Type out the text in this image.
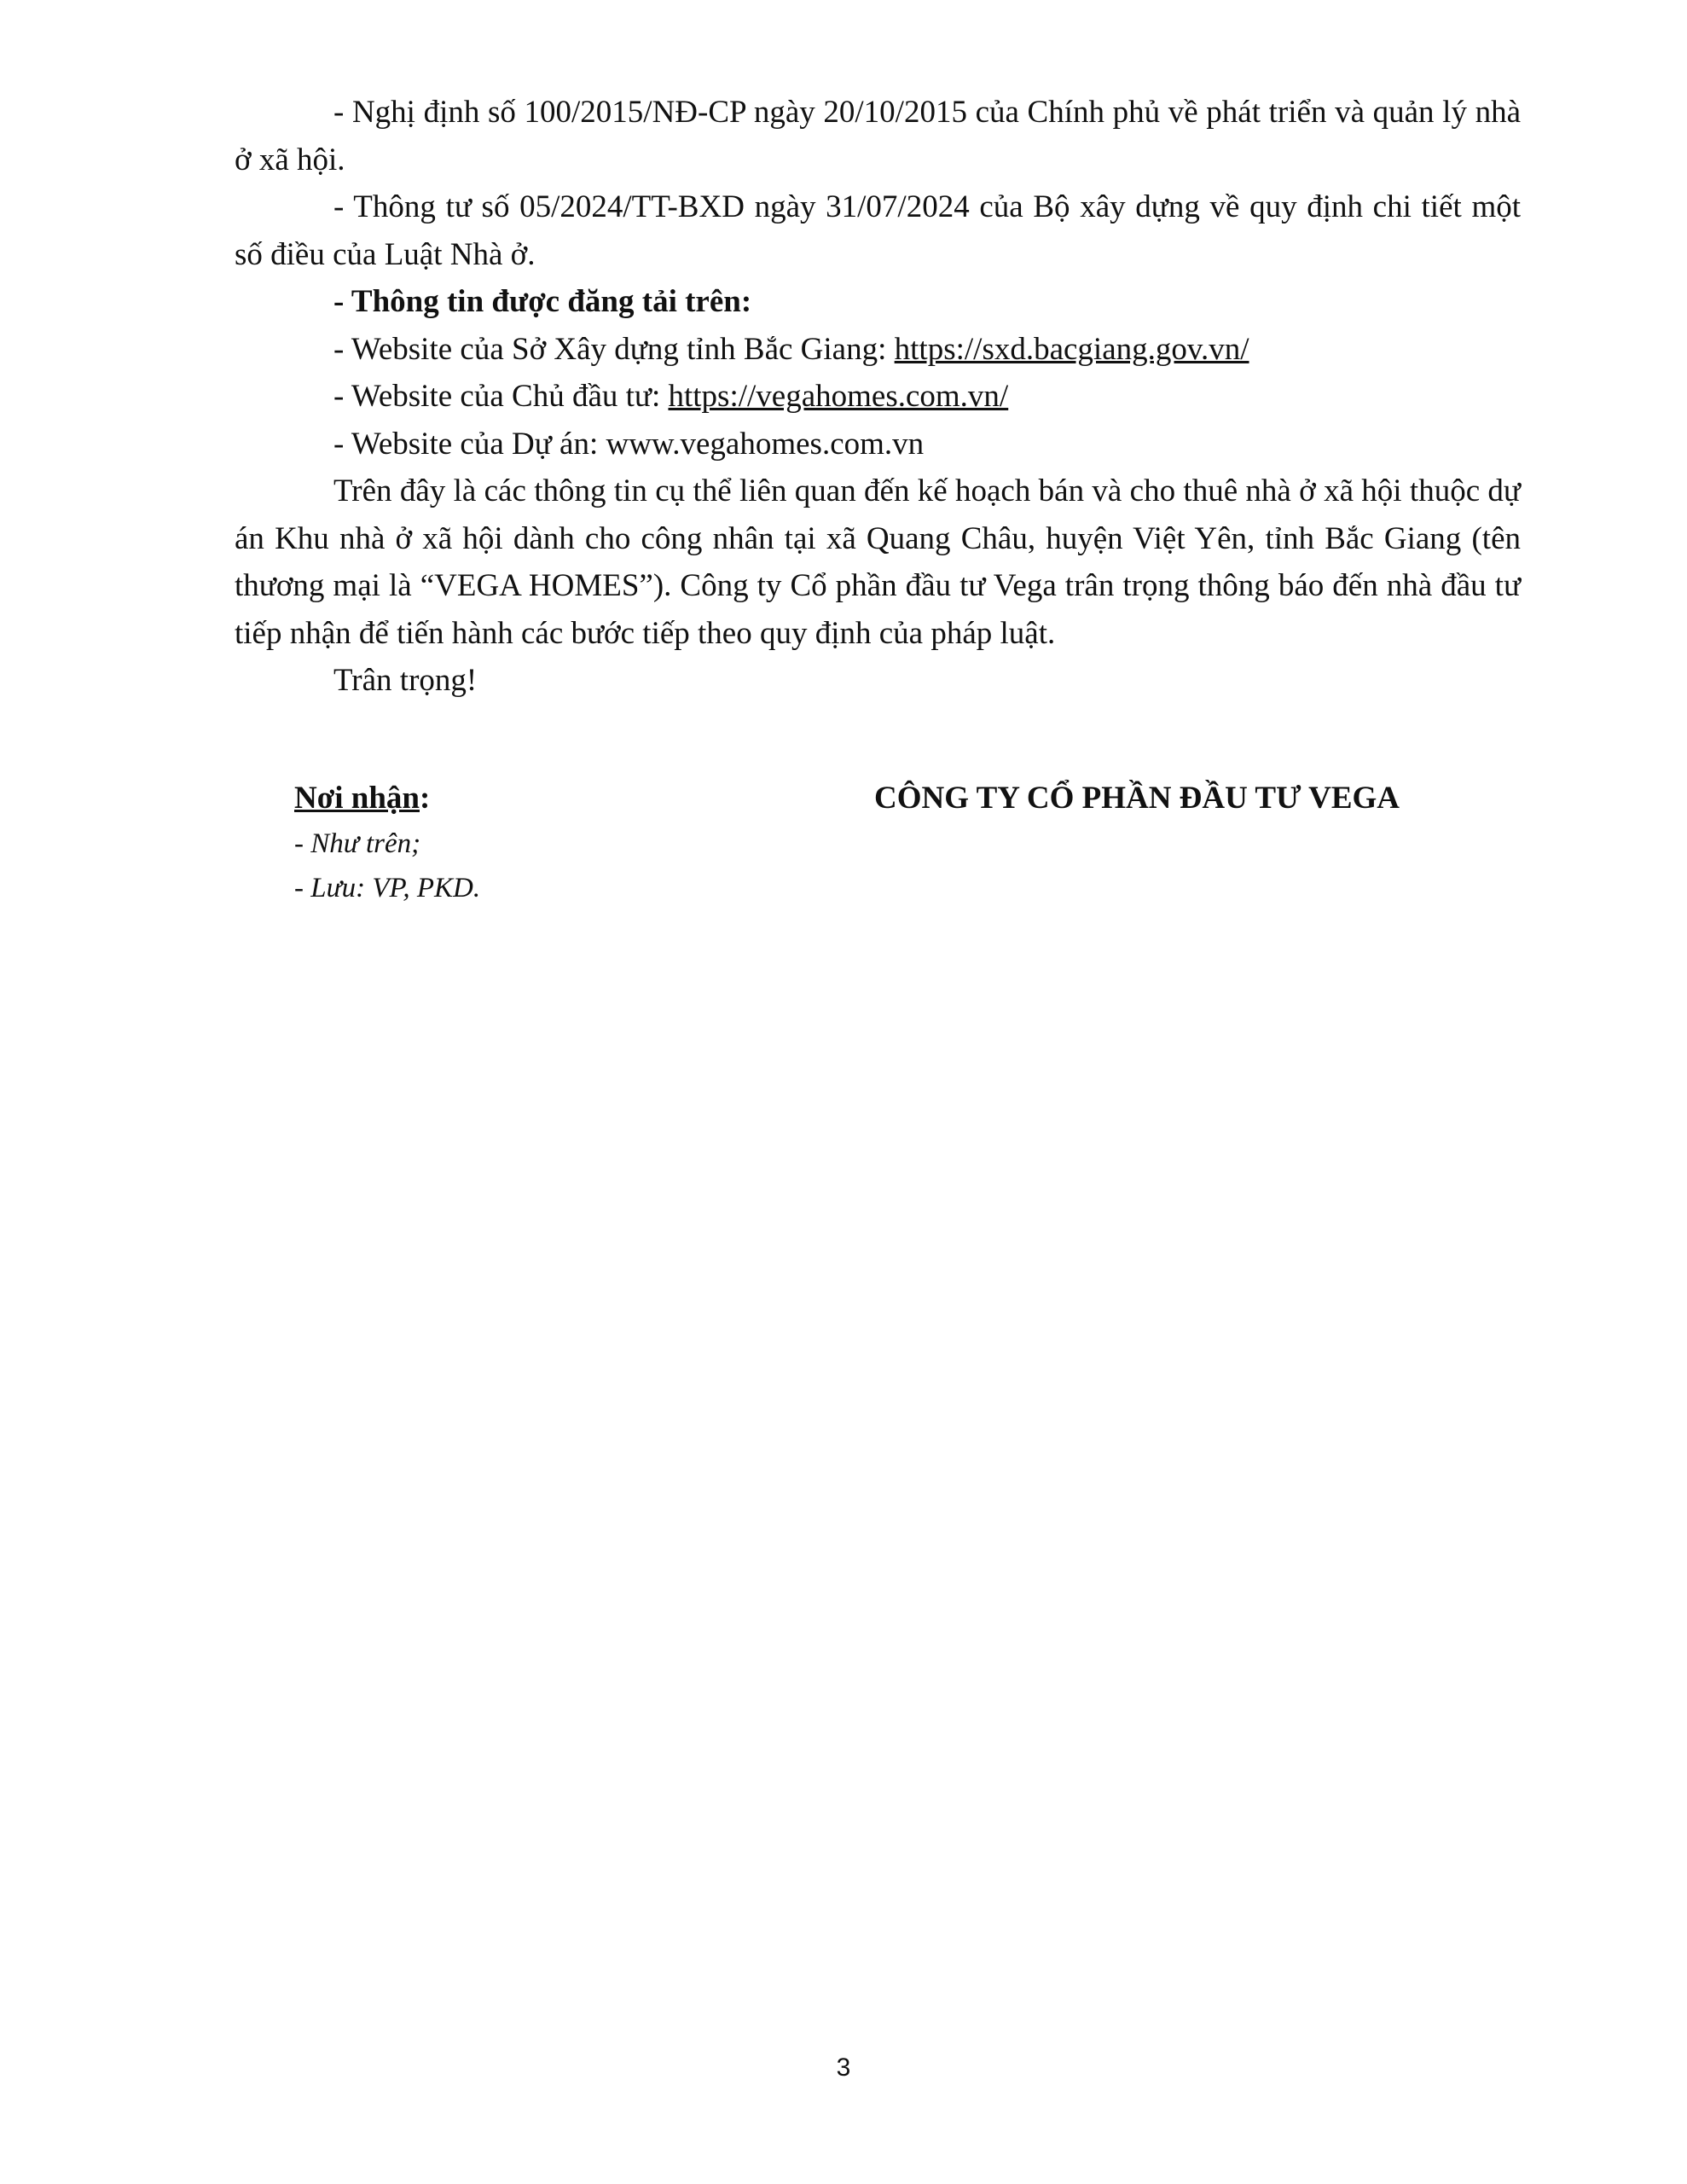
- Nghị định số 100/2015/NĐ-CP ngày 20/10/2015 của Chính phủ về phát triển và quản lý nhà ở xã hội.

- Thông tư số 05/2024/TT-BXD ngày 31/07/2024 của Bộ xây dựng về quy định chi tiết một số điều của Luật Nhà ở.

- Thông tin được đăng tải trên:

- Website của Sở Xây dựng tỉnh Bắc Giang: https://sxd.bacgiang.gov.vn/

- Website của Chủ đầu tư: https://vegahomes.com.vn/

- Website của Dự án: www.vegahomes.com.vn

Trên đây là các thông tin cụ thể liên quan đến kế hoạch bán và cho thuê nhà ở xã hội thuộc dự án Khu nhà ở xã hội dành cho công nhân tại xã Quang Châu, huyện Việt Yên, tỉnh Bắc Giang (tên thương mại là “VEGA HOMES”). Công ty Cổ phần đầu tư Vega trân trọng thông báo đến nhà đầu tư tiếp nhận để tiến hành các bước tiếp theo quy định của pháp luật.

Trân trọng!

Nơi nhận:
- Như trên;
- Lưu: VP, PKD.
CÔNG TY CỔ PHẦN ĐẦU TƯ VEGA
3
